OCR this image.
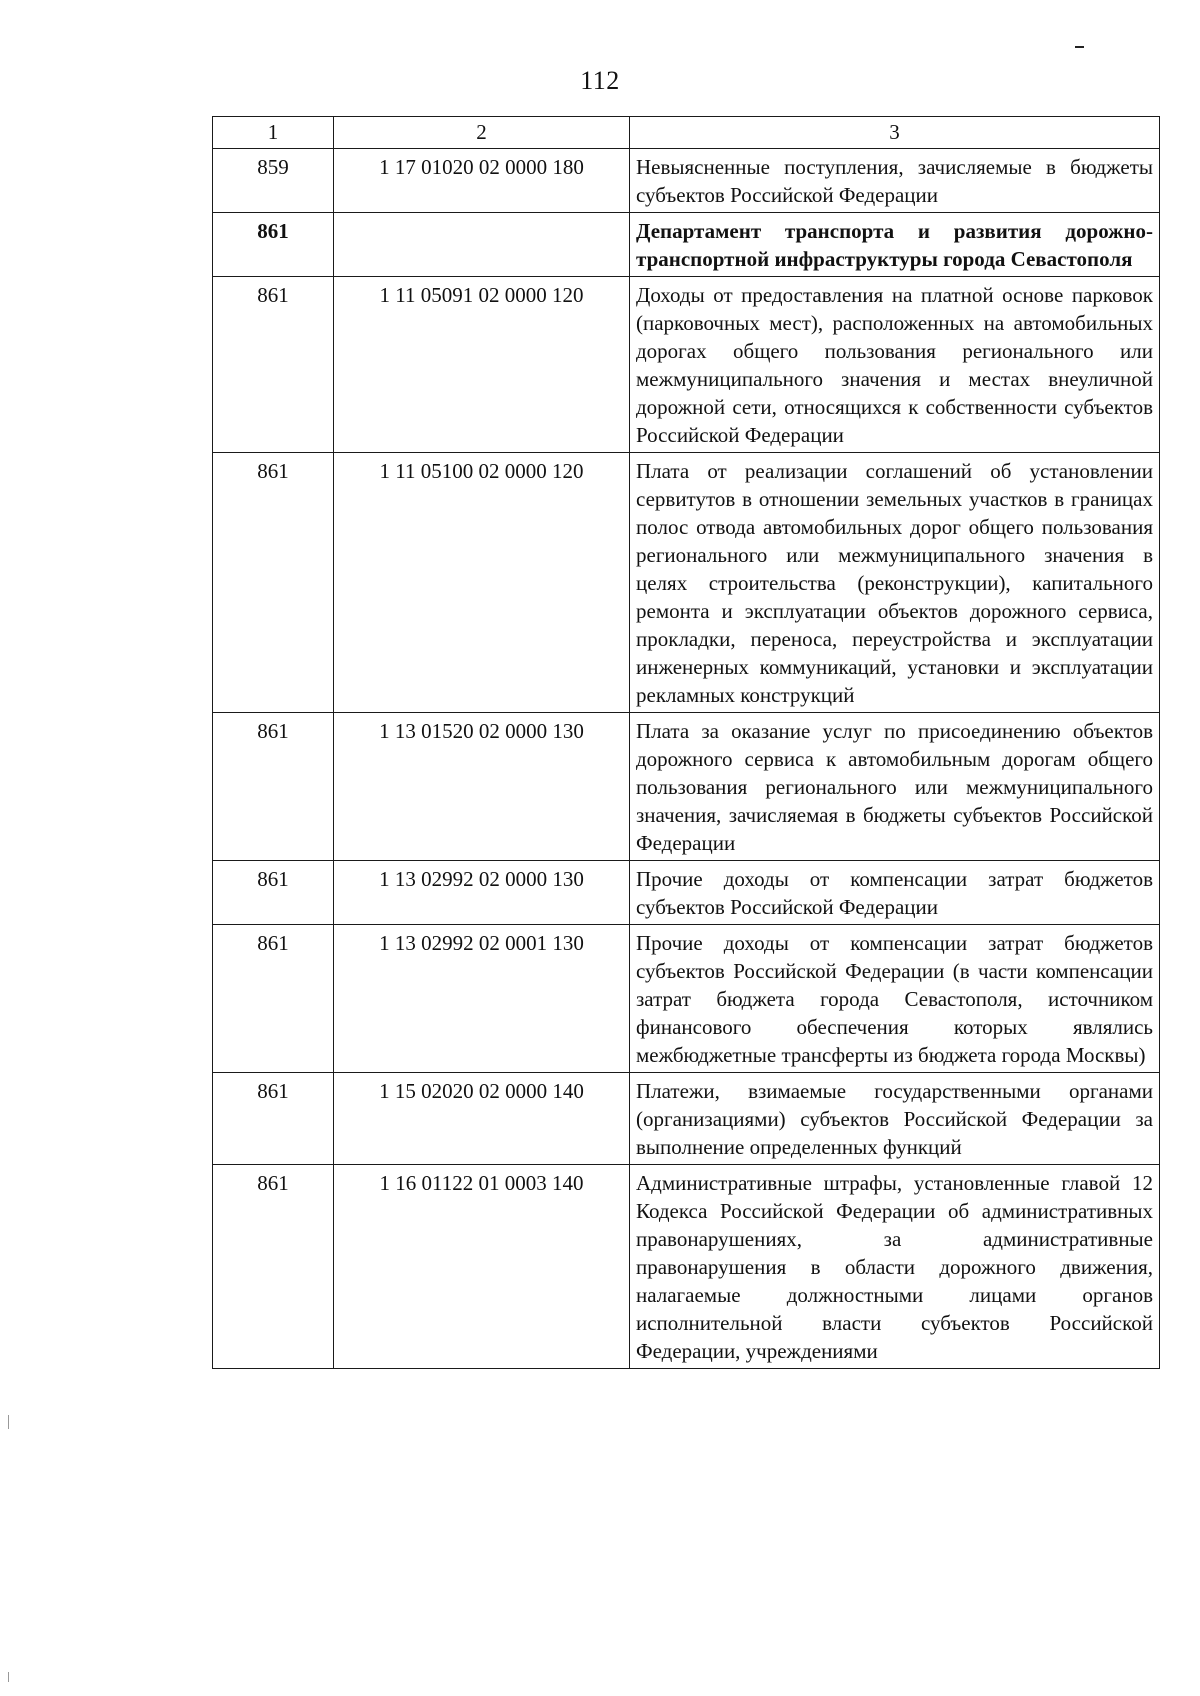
112
1	2	3
859	1 17 01020 02 0000 180	Невыясненные поступления, зачисляемые в бюджеты субъектов Российской Федерации
861		Департамент транспорта и развития дорожно-транспортной инфраструктуры города Севастополя
861	1 11 05091 02 0000 120	Доходы от предоставления на платной основе парковок (парковочных мест), расположенных на автомобильных дорогах общего пользования регионального или межмуниципального значения и местах внеуличной дорожной сети, относящихся к собственности субъектов Российской Федерации
861	1 11 05100 02 0000 120	Плата от реализации соглашений об установлении сервитутов в отношении земельных участков в границах полос отвода автомобильных дорог общего пользования регионального или межмуниципального значения в целях строительства (реконструкции), капитального ремонта и эксплуатации объектов дорожного сервиса, прокладки, переноса, переустройства и эксплуатации инженерных коммуникаций, установки и эксплуатации рекламных конструкций
861	1 13 01520 02 0000 130	Плата за оказание услуг по присоединению объектов дорожного сервиса к автомобильным дорогам общего пользования регионального или межмуниципального значения, зачисляемая в бюджеты субъектов Российской Федерации
861	1 13 02992 02 0000 130	Прочие доходы от компенсации затрат бюджетов субъектов Российской Федерации
861	1 13 02992 02 0001 130	Прочие доходы от компенсации затрат бюджетов субъектов Российской Федерации (в части компенсации затрат бюджета города Севастополя, источником финансового обеспечения которых являлись межбюджетные трансферты из бюджета города Москвы)
861	1 15 02020 02 0000 140	Платежи, взимаемые государственными органами (организациями) субъектов Российской Федерации за выполнение определенных функций
861	1 16 01122 01 0003 140	Административные штрафы, установленные главой 12 Кодекса Российской Федерации об административных правонарушениях, за административные правонарушения в области дорожного движения, налагаемые должностными лицами органов исполнительной власти субъектов Российской Федерации, учреждениями
